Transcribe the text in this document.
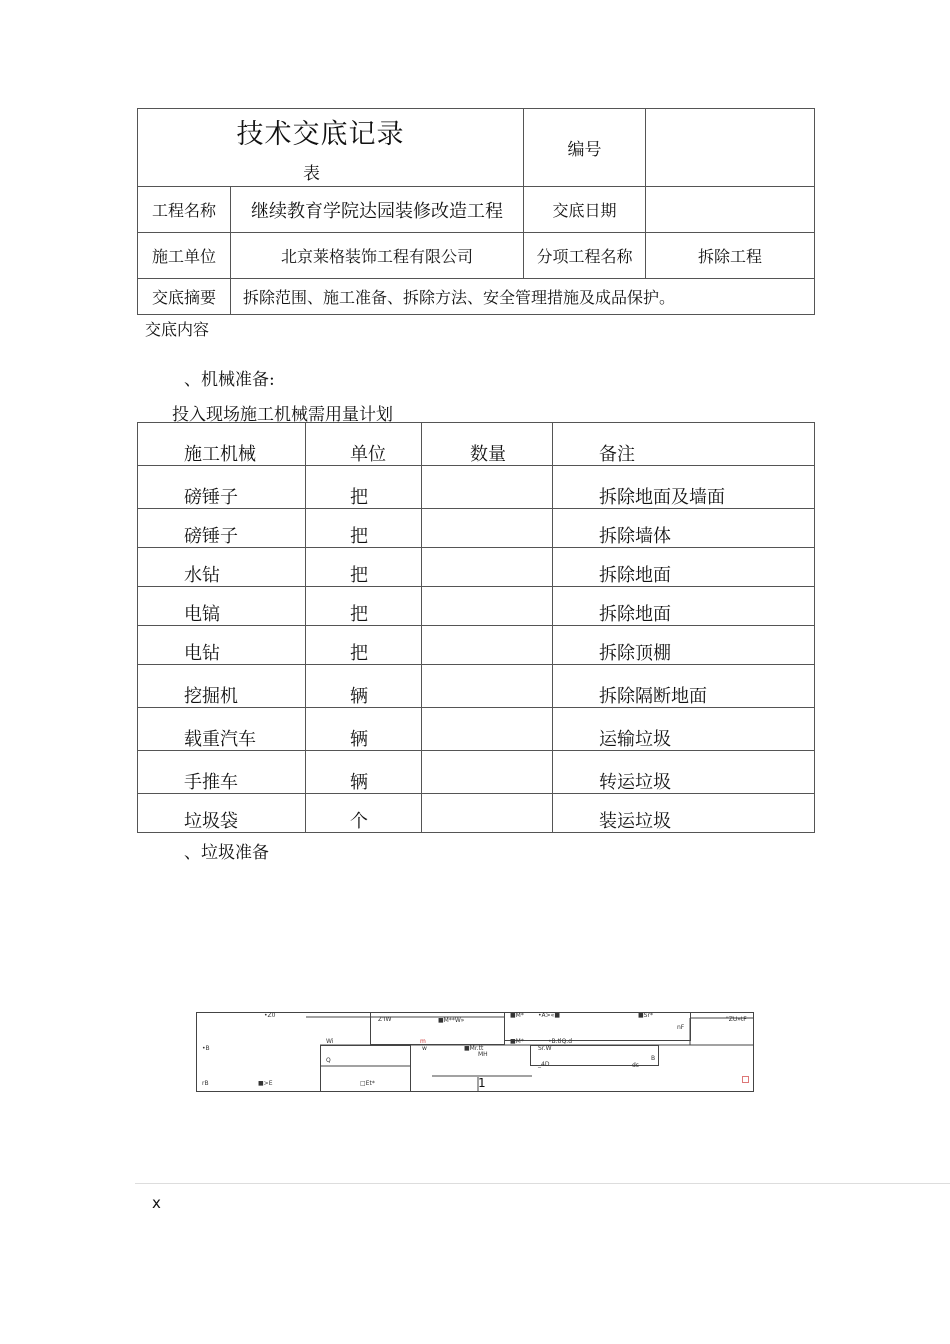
技术交底记录
表		编号	
工程名称	继续教育学院达园装修改造工程	交底日期	
施工单位	北京莱格装饰工程有限公司	分项工程名称	拆除工程
交底摘要	拆除范围、施工准备、拆除方法、安全管理措施及成品保护。		
交底内容
、机械准备:
投入现场施工机械需用量计划
施工机械	单位	数量	备注
磅锤子	把		拆除地面及墙面
磅锤子	把		拆除墙体
水钻	把		拆除地面
电镐	把		拆除地面
电钻	把		拆除顶棚
挖掘机	辆		拆除隔断地面
载重汽车	辆		运输垃圾
手推车	辆		转运垃圾
垃圾袋	个		装运垃圾
、垃圾准备
•Z0
Z'IW	■M**W»
■M* •A>«■	■Sr*
"ZU»tF
nF
Wi	m
w	■Mr.tt
MH
■M*	•B.tlQ.d
•B
Q
Sr.W
B
_4D	ds
rB	■>E	□Et*	1
x
